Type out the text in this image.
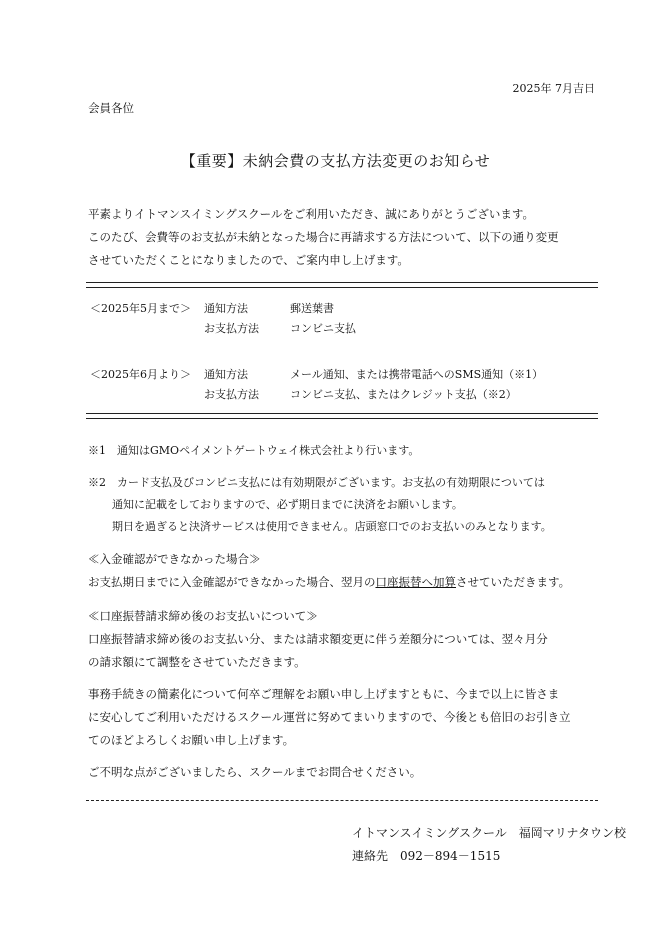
2025年 7月吉日
会員各位
【重要】未納会費の支払方法変更のお知らせ
平素よりイトマンスイミングスクールをご利用いただき、誠にありがとうございます。
このたび、会費等のお支払が未納となった場合に再請求する方法について、以下の通り変更
させていただくことになりましたので、ご案内申し上げます。
＜2025年5月まで＞ 通知方法	郵送葉書
お支払方法	コンビニ支払
＜2025年6月より＞ 通知方法	メール通知、または携帯電話へのSMS通知（※1）
お支払方法	コンビニ支払、またはクレジット支払（※2）
※1　通知はGMOペイメントゲートウェイ株式会社より行います。
※2　カード支払及びコンビニ支払には有効期限がございます。お支払の有効期限については
通知に記載をしておりますので、必ず期日までに決済をお願いします。
期日を過ぎると決済サービスは使用できません。店頭窓口でのお支払いのみとなります。
≪入金確認ができなかった場合≫
お支払期日までに入金確認ができなかった場合、翌月の口座振替へ加算させていただきます。
≪口座振替請求締め後のお支払いについて≫
口座振替請求締め後のお支払い分、または請求額変更に伴う差額分については、翌々月分
の請求額にて調整をさせていただきます。
事務手続きの簡素化について何卒ご理解をお願い申し上げますともに、今まで以上に皆さま
に安心してご利用いただけるスクール運営に努めてまいりますので、今後とも倍旧のお引き立
てのほどよろしくお願い申し上げます。
ご不明な点がございましたら、スクールまでお問合せください。
イトマンスイミングスクール　福岡マリナタウン校
連絡先　092－894－1515
